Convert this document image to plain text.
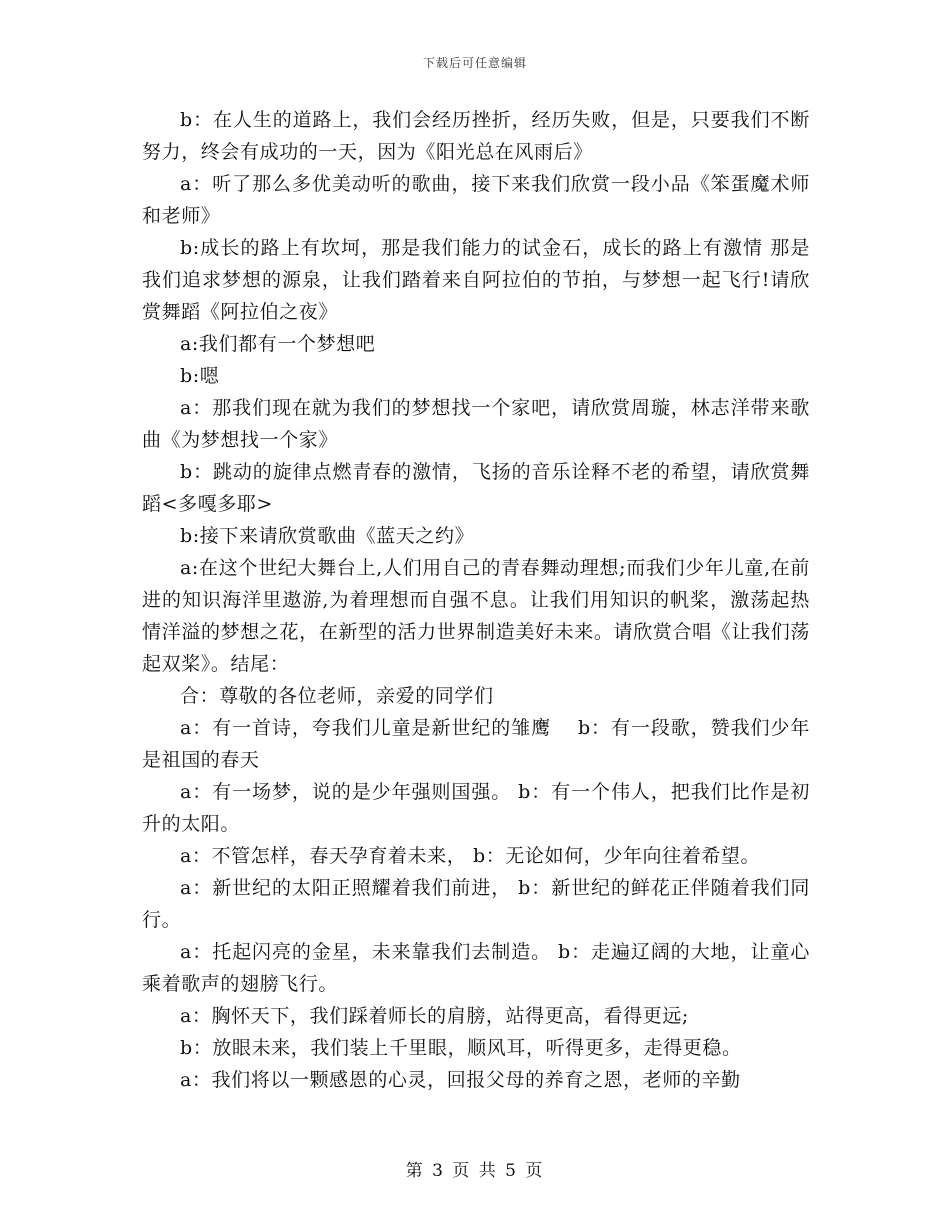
下载后可任意编辑

b：在人生的道路上，我们会经历挫折，经历失败，但是，只要我们不断努力，终会有成功的一天，因为《阳光总在风雨后》

a：听了那么多优美动听的歌曲，接下来我们欣赏一段小品《笨蛋魔术师和老师》

b:成长的路上有坎坷，那是我们能力的试金石，成长的路上有激情 那是我们追求梦想的源泉，让我们踏着来自阿拉伯的节拍，与梦想一起飞行!请欣赏舞蹈《阿拉伯之夜》

a:我们都有一个梦想吧

b:嗯

a：那我们现在就为我们的梦想找一个家吧，请欣赏周璇，林志洋带来歌曲《为梦想找一个家》

b：跳动的旋律点燃青春的激情，飞扬的音乐诠释不老的希望，请欣赏舞蹈<多嘎多耶>

b:接下来请欣赏歌曲《蓝天之约》

a:在这个世纪大舞台上,人们用自己的青春舞动理想;而我们少年儿童,在前进的知识海洋里遨游,为着理想而自强不息。让我们用知识的帆桨，激荡起热情洋溢的梦想之花，在新型的活力世界制造美好未来。请欣赏合唱《让我们荡起双桨》。结尾：

合：尊敬的各位老师，亲爱的同学们

a：有一首诗，夸我们儿童是新世纪的雏鹰　 b：有一段歌，赞我们少年是祖国的春天

a：有一场梦，说的是少年强则国强。 b：有一个伟人，把我们比作是初升的太阳。

a：不管怎样，春天孕育着未来， b：无论如何，少年向往着希望。

a：新世纪的太阳正照耀着我们前进， b：新世纪的鲜花正伴随着我们同行。

a：托起闪亮的金星，未来靠我们去制造。 b：走遍辽阔的大地，让童心乘着歌声的翅膀飞行。

a：胸怀天下，我们踩着师长的肩膀，站得更高，看得更远;

b：放眼未来，我们装上千里眼，顺风耳，听得更多，走得更稳。

a：我们将以一颗感恩的心灵，回报父母的养育之恩，老师的辛勤

第 3 页 共 5 页
